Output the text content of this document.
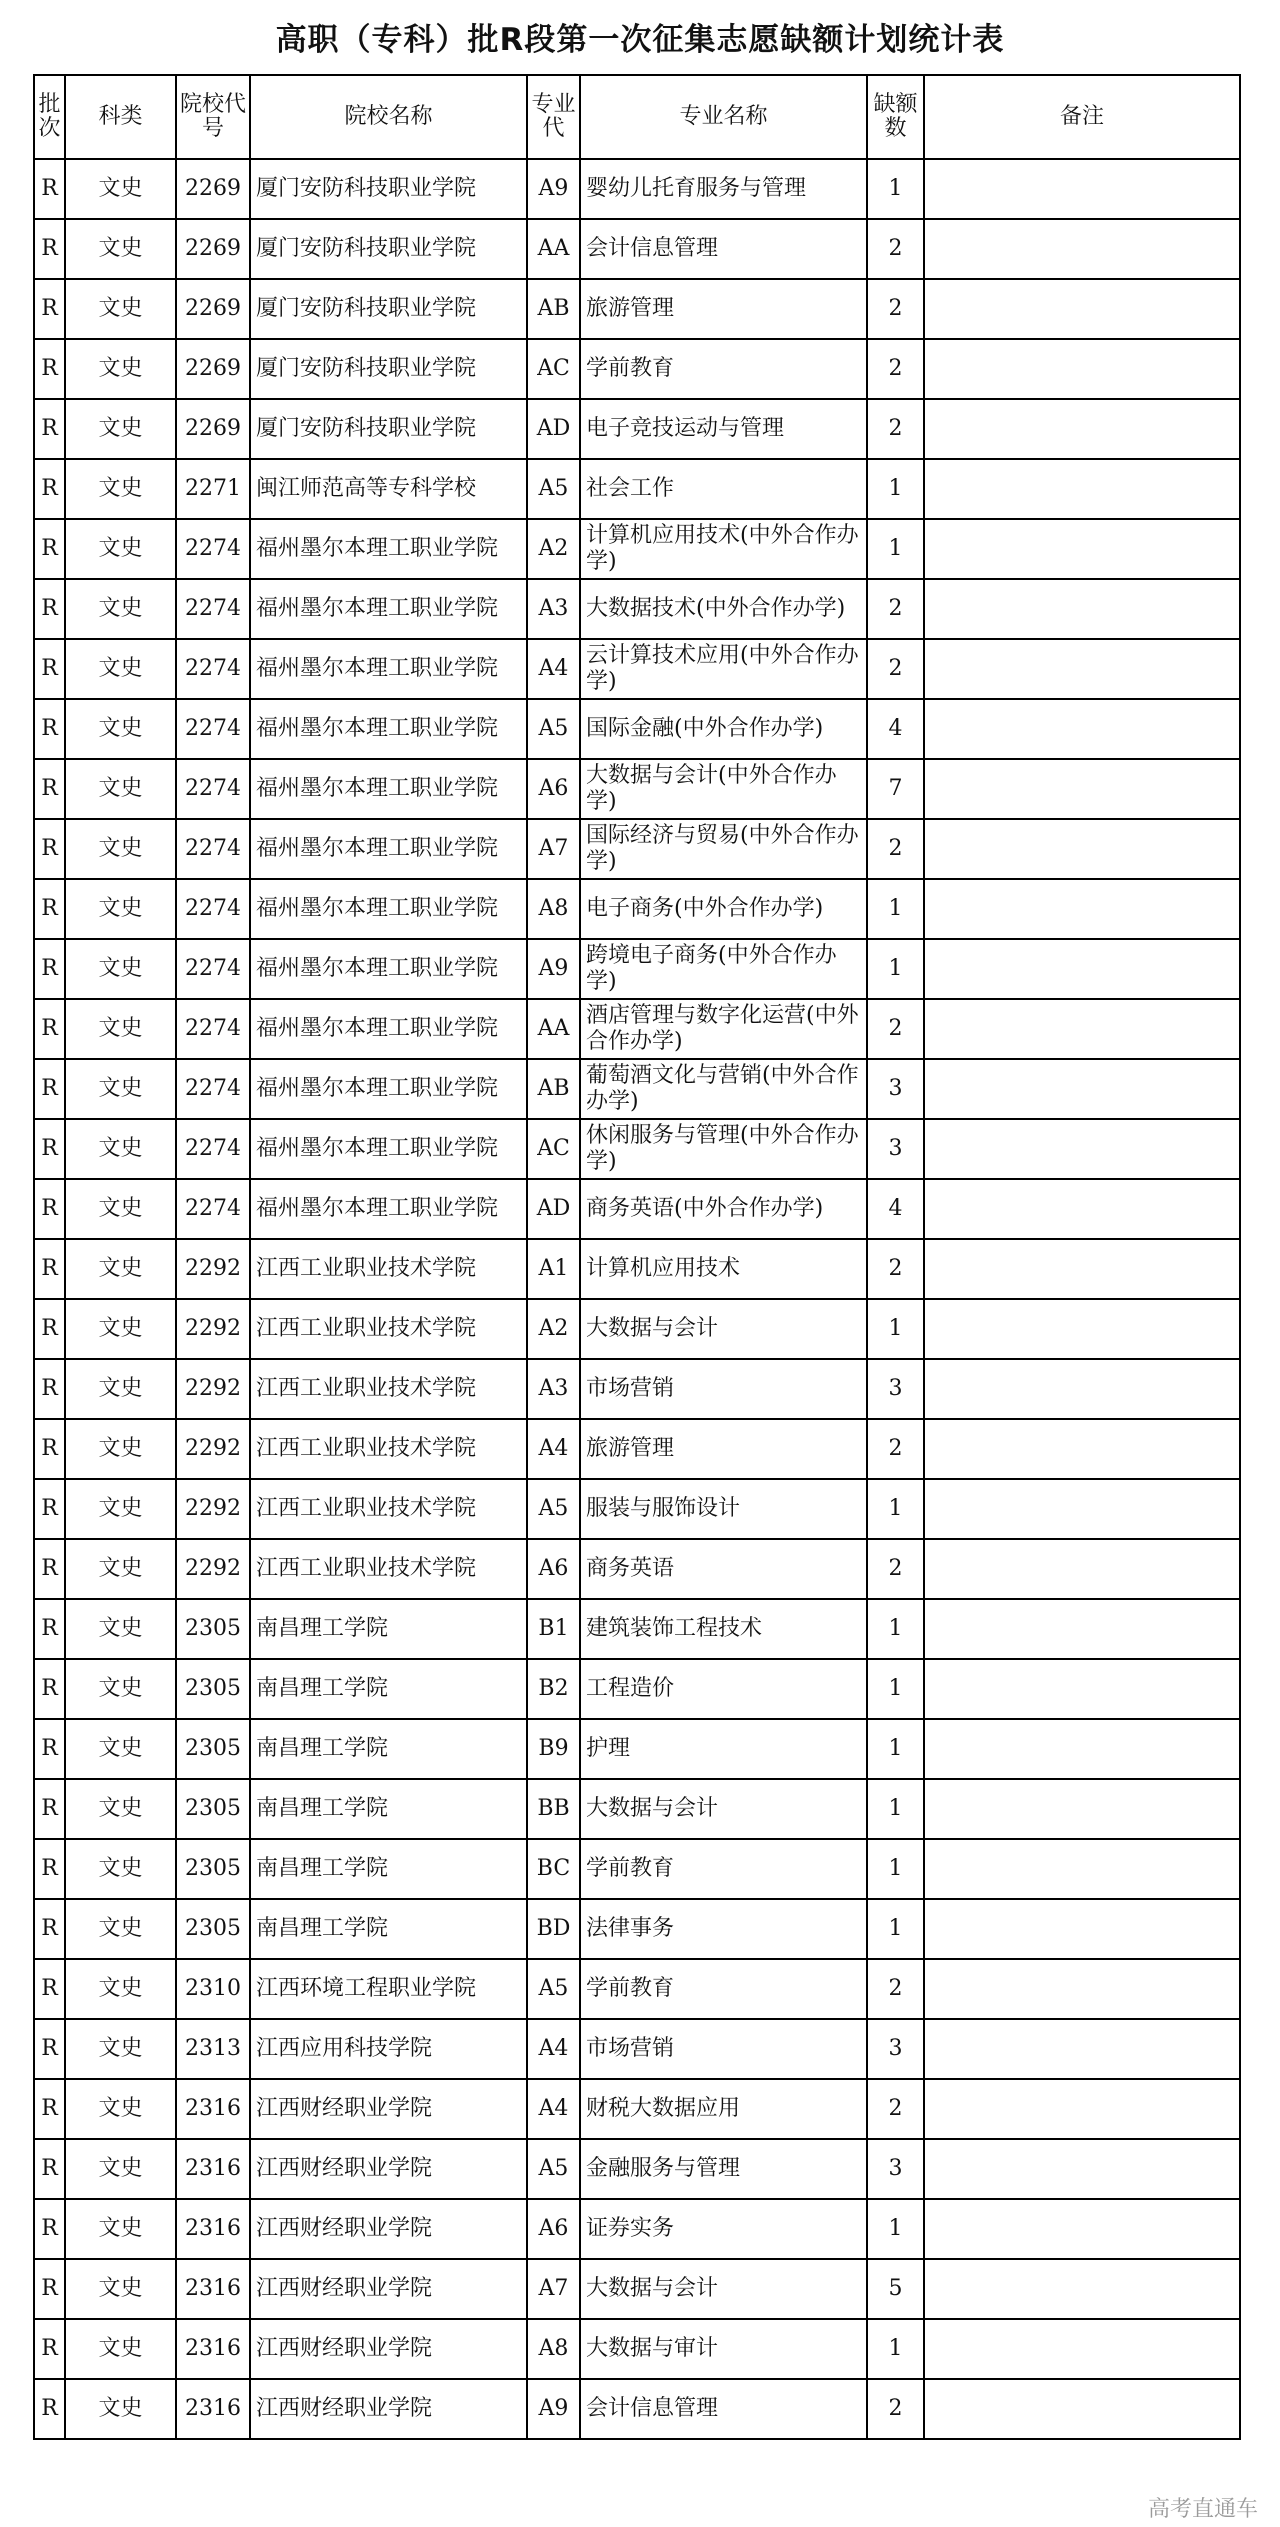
高职（专科）批R段第一次征集志愿缺额计划统计表
批次	科类	院校代号	院校名称	专业代	专业名称	缺额数	备注
R	文史	2269	厦门安防科技职业学院	A9	婴幼儿托育服务与管理	1	
R	文史	2269	厦门安防科技职业学院	AA	会计信息管理	2	
R	文史	2269	厦门安防科技职业学院	AB	旅游管理	2	
R	文史	2269	厦门安防科技职业学院	AC	学前教育	2	
R	文史	2269	厦门安防科技职业学院	AD	电子竞技运动与管理	2	
R	文史	2271	闽江师范高等专科学校	A5	社会工作	1	
R	文史	2274	福州墨尔本理工职业学院	A2	计算机应用技术(中外合作办学)	1	
R	文史	2274	福州墨尔本理工职业学院	A3	大数据技术(中外合作办学)	2	
R	文史	2274	福州墨尔本理工职业学院	A4	云计算技术应用(中外合作办学)	2	
R	文史	2274	福州墨尔本理工职业学院	A5	国际金融(中外合作办学)	4	
R	文史	2274	福州墨尔本理工职业学院	A6	大数据与会计(中外合作办学)	7	
R	文史	2274	福州墨尔本理工职业学院	A7	国际经济与贸易(中外合作办学)	2	
R	文史	2274	福州墨尔本理工职业学院	A8	电子商务(中外合作办学)	1	
R	文史	2274	福州墨尔本理工职业学院	A9	跨境电子商务(中外合作办学)	1	
R	文史	2274	福州墨尔本理工职业学院	AA	酒店管理与数字化运营(中外合作办学)	2	
R	文史	2274	福州墨尔本理工职业学院	AB	葡萄酒文化与营销(中外合作办学)	3	
R	文史	2274	福州墨尔本理工职业学院	AC	休闲服务与管理(中外合作办学)	3	
R	文史	2274	福州墨尔本理工职业学院	AD	商务英语(中外合作办学)	4	
R	文史	2292	江西工业职业技术学院	A1	计算机应用技术	2	
R	文史	2292	江西工业职业技术学院	A2	大数据与会计	1	
R	文史	2292	江西工业职业技术学院	A3	市场营销	3	
R	文史	2292	江西工业职业技术学院	A4	旅游管理	2	
R	文史	2292	江西工业职业技术学院	A5	服装与服饰设计	1	
R	文史	2292	江西工业职业技术学院	A6	商务英语	2	
R	文史	2305	南昌理工学院	B1	建筑装饰工程技术	1	
R	文史	2305	南昌理工学院	B2	工程造价	1	
R	文史	2305	南昌理工学院	B9	护理	1	
R	文史	2305	南昌理工学院	BB	大数据与会计	1	
R	文史	2305	南昌理工学院	BC	学前教育	1	
R	文史	2305	南昌理工学院	BD	法律事务	1	
R	文史	2310	江西环境工程职业学院	A5	学前教育	2	
R	文史	2313	江西应用科技学院	A4	市场营销	3	
R	文史	2316	江西财经职业学院	A4	财税大数据应用	2	
R	文史	2316	江西财经职业学院	A5	金融服务与管理	3	
R	文史	2316	江西财经职业学院	A6	证券实务	1	
R	文史	2316	江西财经职业学院	A7	大数据与会计	5	
R	文史	2316	江西财经职业学院	A8	大数据与审计	1	
R	文史	2316	江西财经职业学院	A9	会计信息管理	2	
高考直通车
